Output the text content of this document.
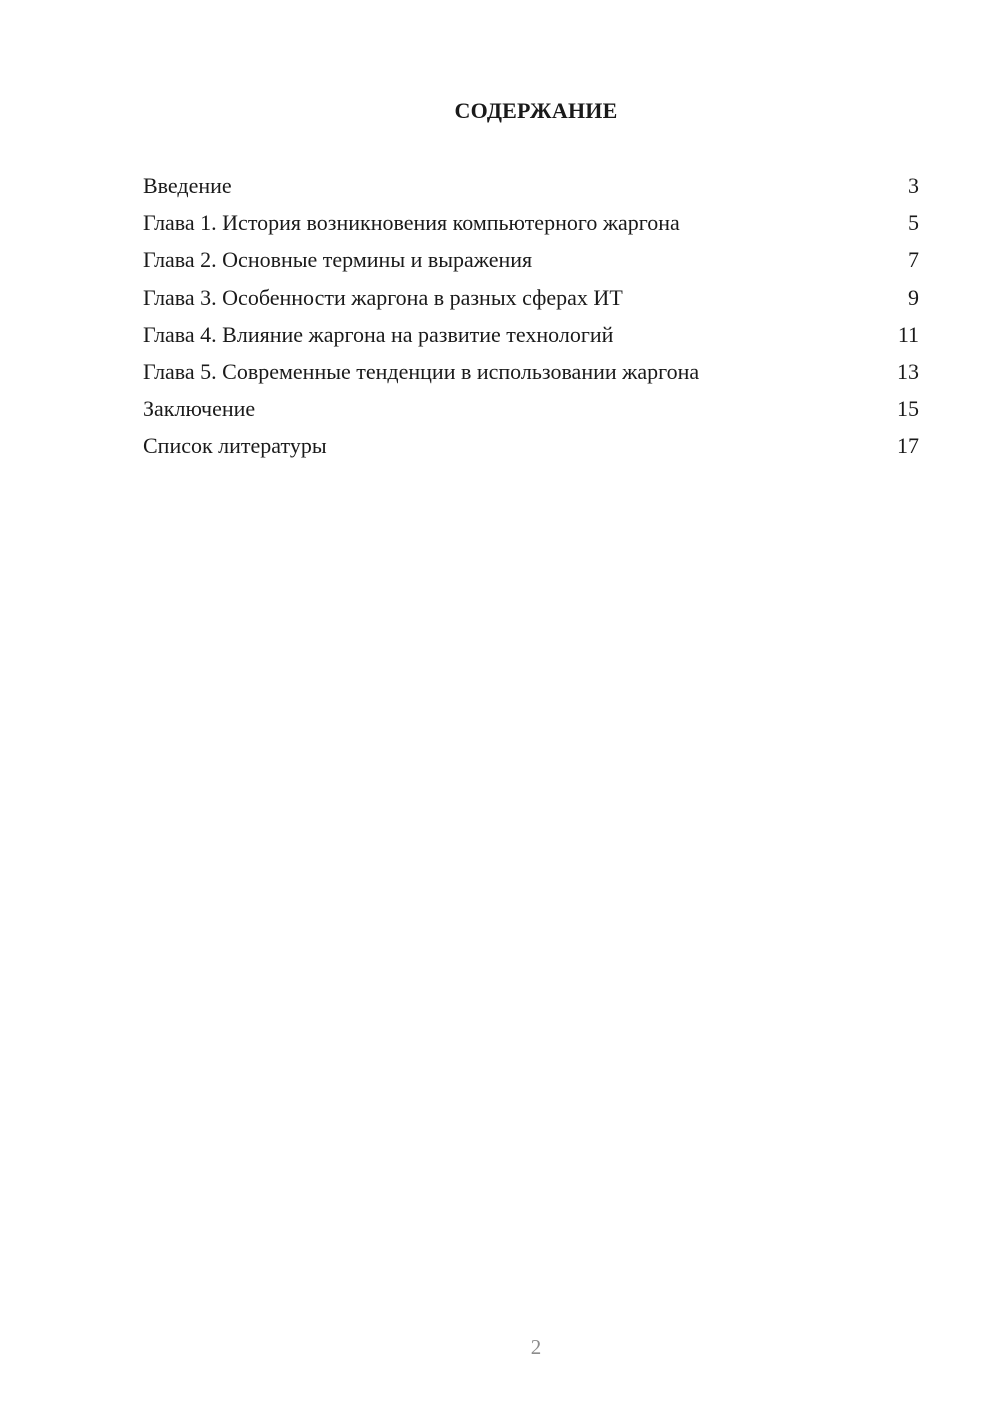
СОДЕРЖАНИЕ
Введение	3
Глава 1. История возникновения компьютерного жаргона	5
Глава 2. Основные термины и выражения	7
Глава 3. Особенности жаргона в разных сферах ИТ	9
Глава 4. Влияние жаргона на развитие технологий	11
Глава 5. Современные тенденции в использовании жаргона	13
Заключение	15
Список литературы	17
2
